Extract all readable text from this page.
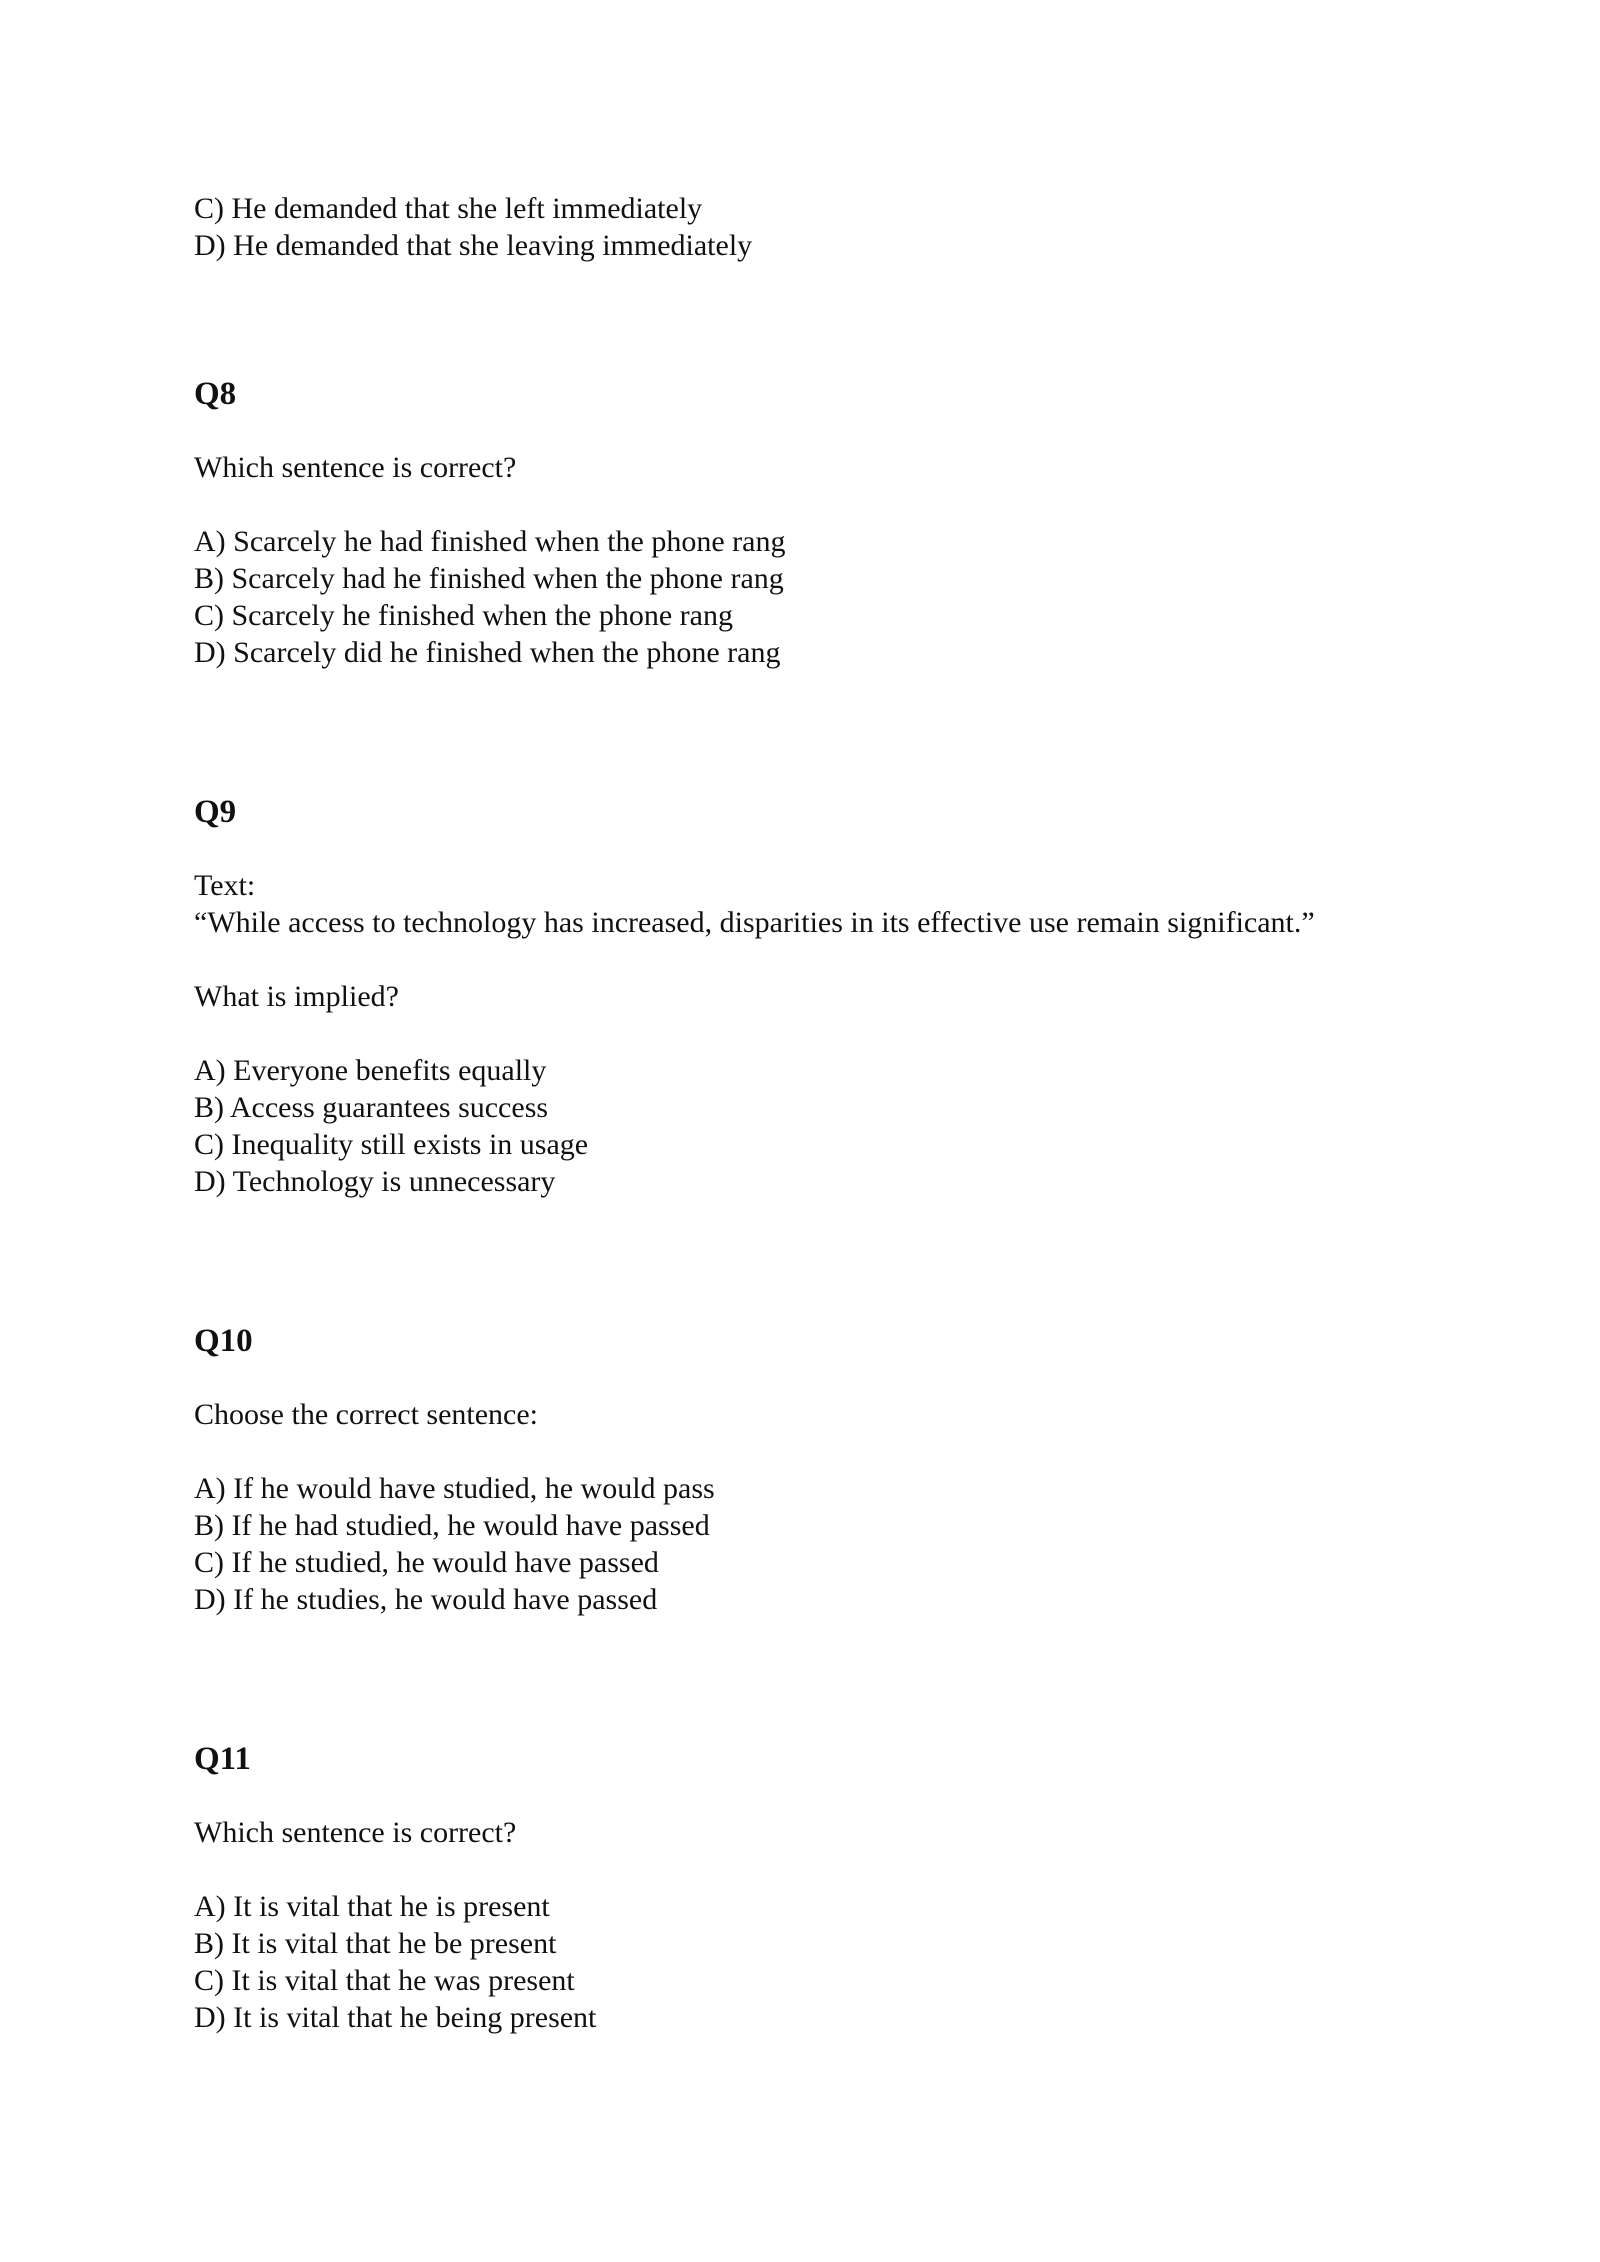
C) He demanded that she left immediately

D) He demanded that she leaving immediately

Q8

Which sentence is correct?

A) Scarcely he had finished when the phone rang

B) Scarcely had he finished when the phone rang

C) Scarcely he finished when the phone rang

D) Scarcely did he finished when the phone rang

Q9

Text:

“While access to technology has increased, disparities in its effective use remain significant.”

What is implied?

A) Everyone benefits equally

B) Access guarantees success

C) Inequality still exists in usage

D) Technology is unnecessary

Q10

Choose the correct sentence:

A) If he would have studied, he would pass

B) If he had studied, he would have passed

C) If he studied, he would have passed

D) If he studies, he would have passed

Q11

Which sentence is correct?

A) It is vital that he is present

B) It is vital that he be present

C) It is vital that he was present

D) It is vital that he being present
